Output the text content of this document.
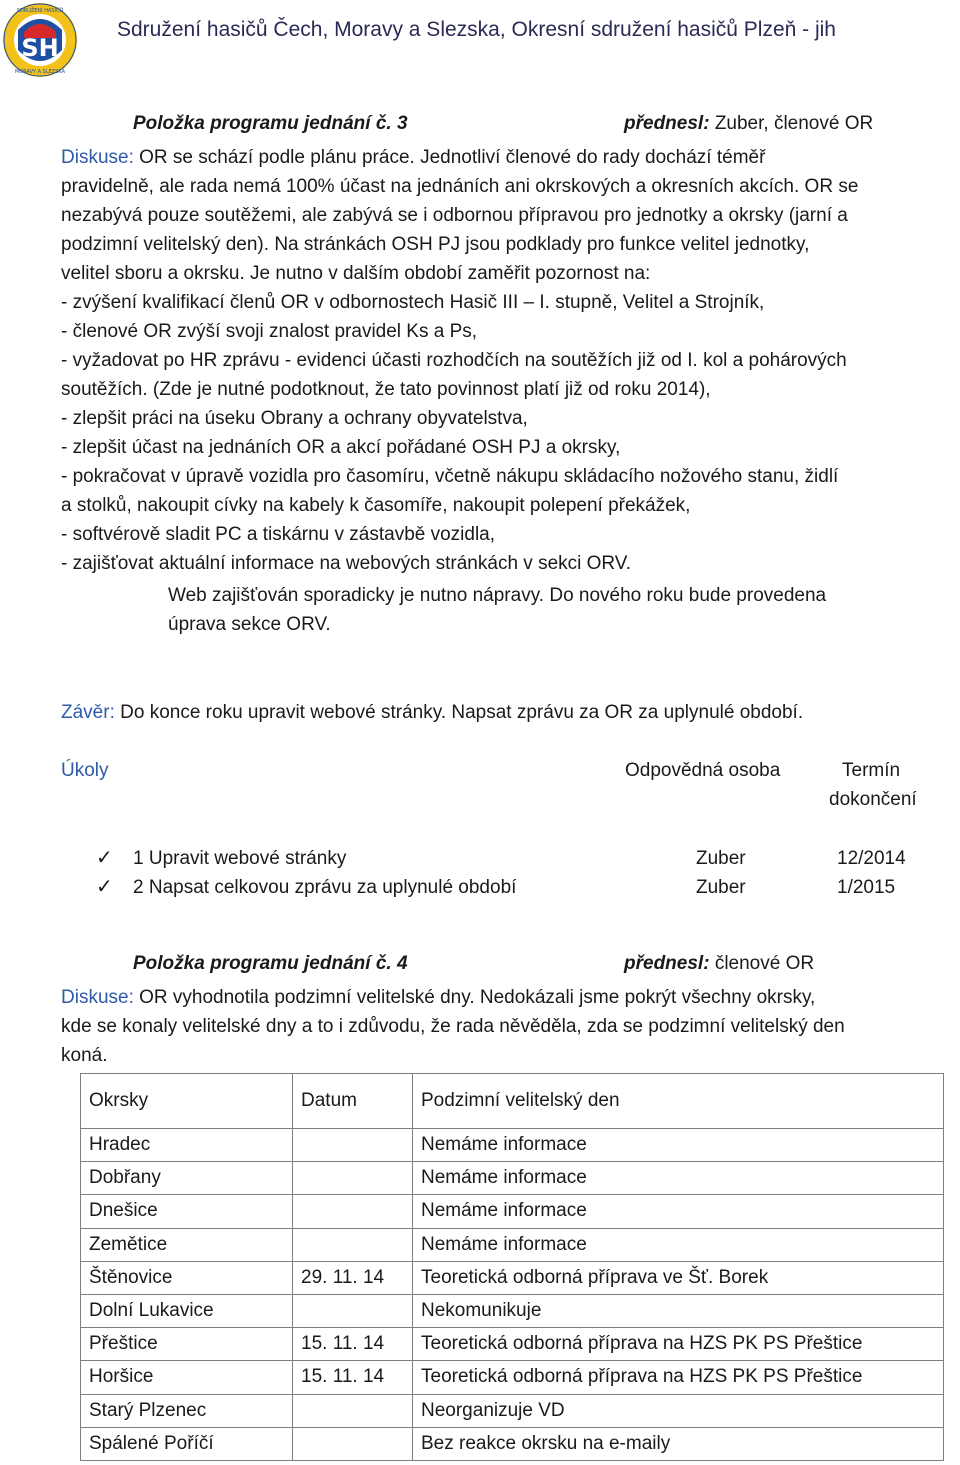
SH
SDRUŽENÍ HASIČŮ
MORAVY A SLEZSKA
Sdružení hasičů Čech, Moravy a Slezska, Okresní sdružení hasičů Plzeň - jih
Položka programu jednání č. 3	přednesl: Zuber, členové OR
Diskuse: OR se schází podle plánu práce. Jednotliví členové do rady dochází téměř
pravidelně, ale rada nemá 100% účast na jednáních ani okrskových a okresních akcích. OR se
nezabývá pouze soutěžemi, ale zabývá se i odbornou přípravou pro jednotky a okrsky (jarní a
podzimní velitelský den). Na stránkách OSH PJ jsou podklady pro funkce velitel jednotky,
velitel sboru a okrsku. Je nutno v dalším období zaměřit pozornost na:
- zvýšení kvalifikací členů OR v odbornostech Hasič III – I. stupně, Velitel a Strojník,
- členové OR zvýší svoji znalost pravidel Ks a Ps,
- vyžadovat po HR zprávu - evidenci účasti rozhodčích na soutěžích již od I. kol a pohárových
soutěžích. (Zde je nutné podotknout, že tato povinnost platí již od roku 2014),
- zlepšit práci na úseku Obrany a ochrany obyvatelstva,
- zlepšit účast na jednáních OR a akcí pořádané OSH PJ a okrsky,
- pokračovat v úpravě vozidla pro časomíru, včetně nákupu skládacího nožového stanu, židlí
a stolků, nakoupit cívky na kabely k časomíře, nakoupit polepení překážek,
- softvérově sladit PC a tiskárnu v zástavbě vozidla,
- zajišťovat aktuální informace na webových stránkách v sekci ORV.
Web zajišťován sporadicky je nutno nápravy. Do nového roku bude provedena
úprava sekce ORV.
Závěr: Do konce roku upravit webové stránky. Napsat zprávu za OR za uplynulé období.
Úkoly	Odpovědná osoba	Termín
dokončení
✓ 1 Upravit webové stránky	Zuber	12/2014
✓ 2 Napsat celkovou zprávu za uplynulé období	Zuber	1/2015
Položka programu jednání č. 4	přednesl: členové OR
Diskuse: OR vyhodnotila podzimní velitelské dny. Nedokázali jsme pokrýt všechny okrsky,
kde se konaly velitelské dny a to i zdůvodu, že rada něvěděla, zda se podzimní velitelský den
koná.
Okrsky	Datum	Podzimní velitelský den
Hradec		Nemáme informace
Dobřany		Nemáme informace
Dnešice		Nemáme informace
Zemětice		Nemáme informace
Štěnovice	29. 11. 14	Teoretická odborná příprava ve Šť. Borek
Dolní Lukavice		Nekomunikuje
Přeštice	15. 11. 14	Teoretická odborná příprava na HZS PK PS Přeštice
Horšice	15. 11. 14	Teoretická odborná příprava na HZS PK PS Přeštice
Starý Plzenec		Neorganizuje VD
Spálené Poříčí		Bez reakce okrsku na e-maily
